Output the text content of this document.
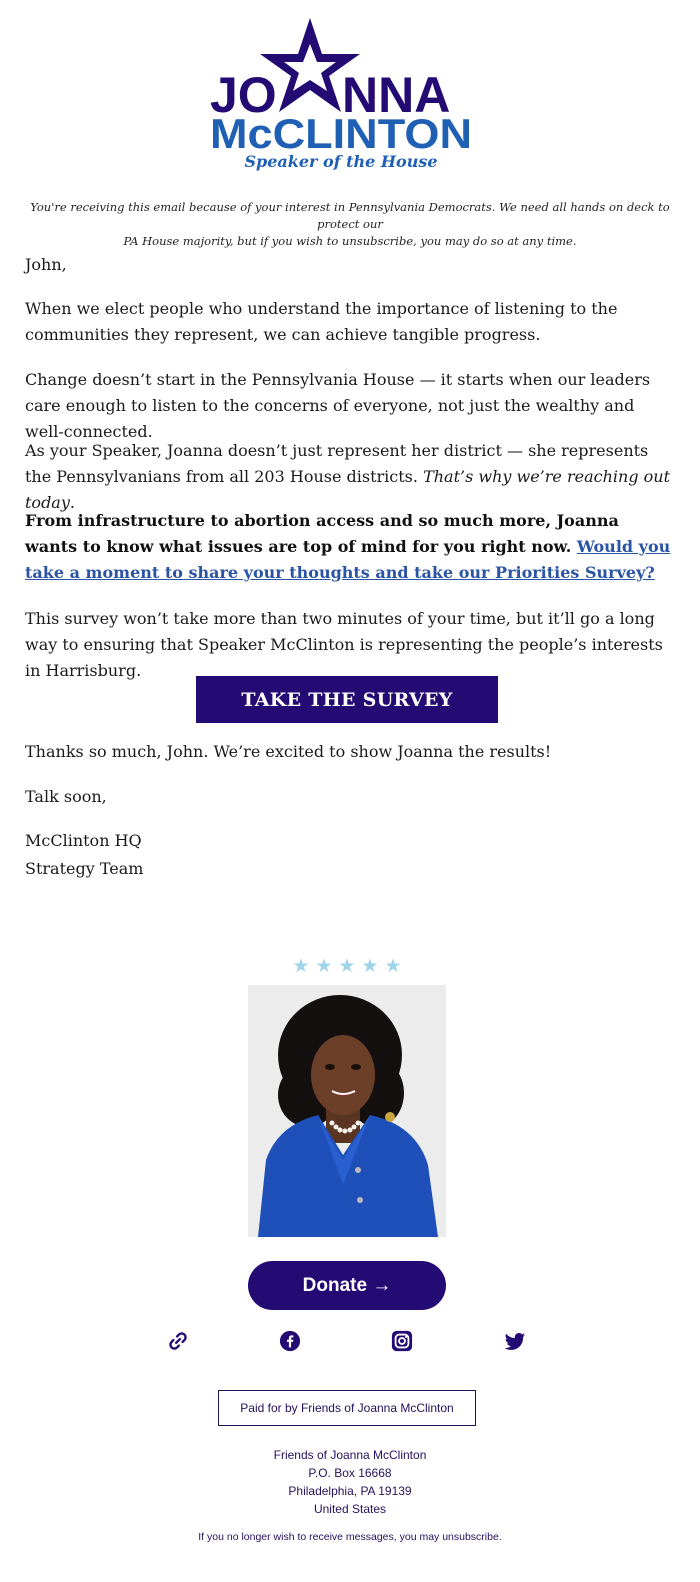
JO NNA
McCLINTON
Speaker of the House
You're receiving this email because of your interest in Pennsylvania Democrats. We need all hands on deck to protect our
PA House majority, but if you wish to unsubscribe, you may do so at any time.

John,

When we elect people who understand the importance of listening to the communities they represent, we can achieve tangible progress.

Change doesn’t start in the Pennsylvania House — it starts when our leaders care enough to listen to the concerns of everyone, not just the wealthy and well-connected.

As your Speaker, Joanna doesn’t just represent her district — she represents the Pennsylvanians from all 203 House districts. That’s why we’re reaching out today.

From infrastructure to abortion access and so much more, Joanna wants to know what issues are top of mind for you right now. Would you take a moment to share your thoughts and take our Priorities Survey?

This survey won’t take more than two minutes of your time, but it’ll go a long way to ensuring that Speaker McClinton is representing the people’s interests in Harrisburg.

TAKE THE SURVEY

Thanks so much, John. We’re excited to show Joanna the results!

Talk soon,

McClinton HQ

Strategy Team

★★★★★
Donate →
Paid for by Friends of Joanna McClinton
Friends of Joanna McClinton
P.O. Box 16668
Philadelphia, PA 19139
United States
If you no longer wish to receive messages, you may unsubscribe.
